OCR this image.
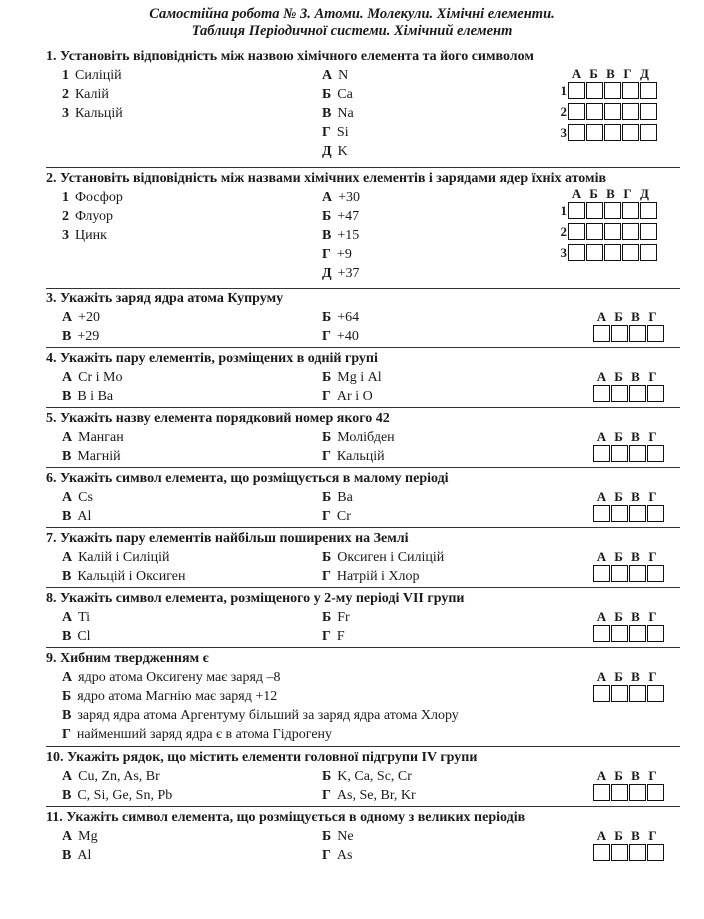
Самостійна робота № 3. Атоми. Молекули. Хімічні елементи.
Таблиця Періодичної системи. Хімічний елемент
1. Установіть відповідність між назвою хімічного елемента та його символом
1 Силіцій
2 Калій
3 Кальцій
А N
Б Ca
В Na
Г Si
Д K
А Б В Г Д
1
2
3
2. Установіть відповідність між назвами хімічних елементів і зарядами ядер їхніх атомів
1 Фосфор
2 Флуор
3 Цинк
А +30
Б +47
В +15
Г +9
Д +37
А Б В Г Д
1
2
3
3. Укажіть заряд ядра атома Купруму
А +20	Б +64
В +29	Г +40
А Б В Г
4. Укажіть пару елементів, розміщених в одній групі
А Cr і Mo	Б Mg і Al
В B і Ba	Г Ar і O
А Б В Г
5. Укажіть назву елемента порядковий номер якого 42
А Манган	Б Молібден
В Магній	Г Кальцій
А Б В Г
6. Укажіть символ елемента, що розміщується в малому періоді
А Cs	Б Ba
В Al	Г Cr
А Б В Г
7. Укажіть пару елементів найбільш поширених на Землі
А Калій і Силіцій	Б Оксиген і Силіцій
В Кальцій і Оксиген	Г Натрій і Хлор
А Б В Г
8. Укажіть символ елемента, розміщеного у 2-му періоді VII групи
А Ti	Б Fr
В Cl	Г F
А Б В Г
9. Хибним твердженням є
А ядро атома Оксигену має заряд –8
Б ядро атома Магнію має заряд +12
В заряд ядра атома Аргентуму більший за заряд ядра атома Хлору
Г найменший заряд ядра є в атома Гідрогену
А Б В Г
10. Укажіть рядок, що містить елементи головної підгрупи IV групи
А Cu, Zn, As, Br	Б K, Ca, Sc, Cr
В C, Si, Ge, Sn, Pb	Г As, Se, Br, Kr
А Б В Г
11. Укажіть символ елемента, що розміщується в одному з великих періодів
А Mg	Б Ne
В Al	Г As
А Б В Г
